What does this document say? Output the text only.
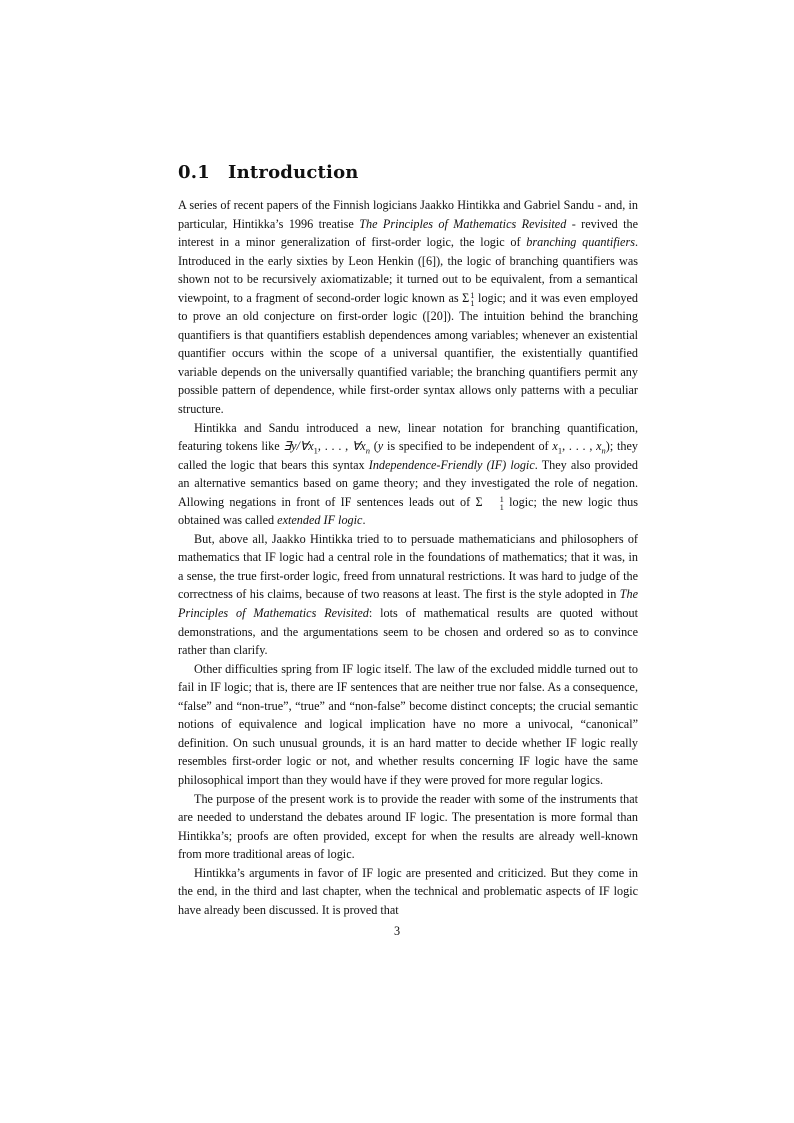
0.1 Introduction

A series of recent papers of the Finnish logicians Jaakko Hintikka and Gabriel Sandu - and, in particular, Hintikka’s 1996 treatise The Principles of Mathematics Revisited - revived the interest in a minor generalization of first-order logic, the logic of branching quantifiers. Introduced in the early sixties by Leon Henkin ([6]), the logic of branching quantifiers was shown not to be recursively axiomatizable; it turned out to be equivalent, from a semantical viewpoint, to a fragment of second-order logic known as Σ 1
1 logic; and it was even employed to prove an old conjecture on first-order logic ([20]). The intuition behind the branching quantifiers is that quantifiers establish dependences among variables; whenever an existential quantifier occurs within the scope of a universal quantifier, the existentially quantified variable depends on the universally quantified variable; the branching quantifiers permit any possible pattern of dependence, while first-order syntax allows only patterns with a peculiar structure.

Hintikka and Sandu introduced a new, linear notation for branching quantification, featuring tokens like $\exists y/\forall x_1$, . . . , $\forall x_n$ (y is specified to be independent of $x_1$, . . . , $x_n$); they called the logic that bears this syntax Independence-Friendly (IF) logic. They also provided an alternative semantics based on game theory; and they investigated the role of negation. Allowing negations in front of IF sentences leads out of Σ	1
1 logic; the new logic thus obtained was called extended IF logic.

But, above all, Jaakko Hintikka tried to to persuade mathematicians and philosophers of mathematics that IF logic had a central role in the foundations of mathematics; that it was, in a sense, the true first-order logic, freed from unnatural restrictions. It was hard to judge of the correctness of his claims, because of two reasons at least. The first is the style adopted in The Principles of Mathematics Revisited: lots of mathematical results are quoted without demonstrations, and the argumentations seem to be chosen and ordered so as to convince rather than clarify.

Other difficulties spring from IF logic itself. The law of the excluded middle turned out to fail in IF logic; that is, there are IF sentences that are neither true nor false. As a consequence, “false” and “non-true”, “true” and “non-false” become distinct concepts; the crucial semantic notions of equivalence and logical implication have no more a univocal, “canonical” definition. On such unusual grounds, it is an hard matter to decide whether IF logic really resembles first-order logic or not, and whether results concerning IF logic have the same philosophical import than they would have if they were proved for more regular logics.

The purpose of the present work is to provide the reader with some of the instruments that are needed to understand the debates around IF logic. The presentation is more formal than Hintikka’s; proofs are often provided, except for when the results are already well-known from more traditional areas of logic.

Hintikka’s arguments in favor of IF logic are presented and criticized. But they come in the end, in the third and last chapter, when the technical and problematic aspects of IF logic have already been discussed. It is proved that

3
